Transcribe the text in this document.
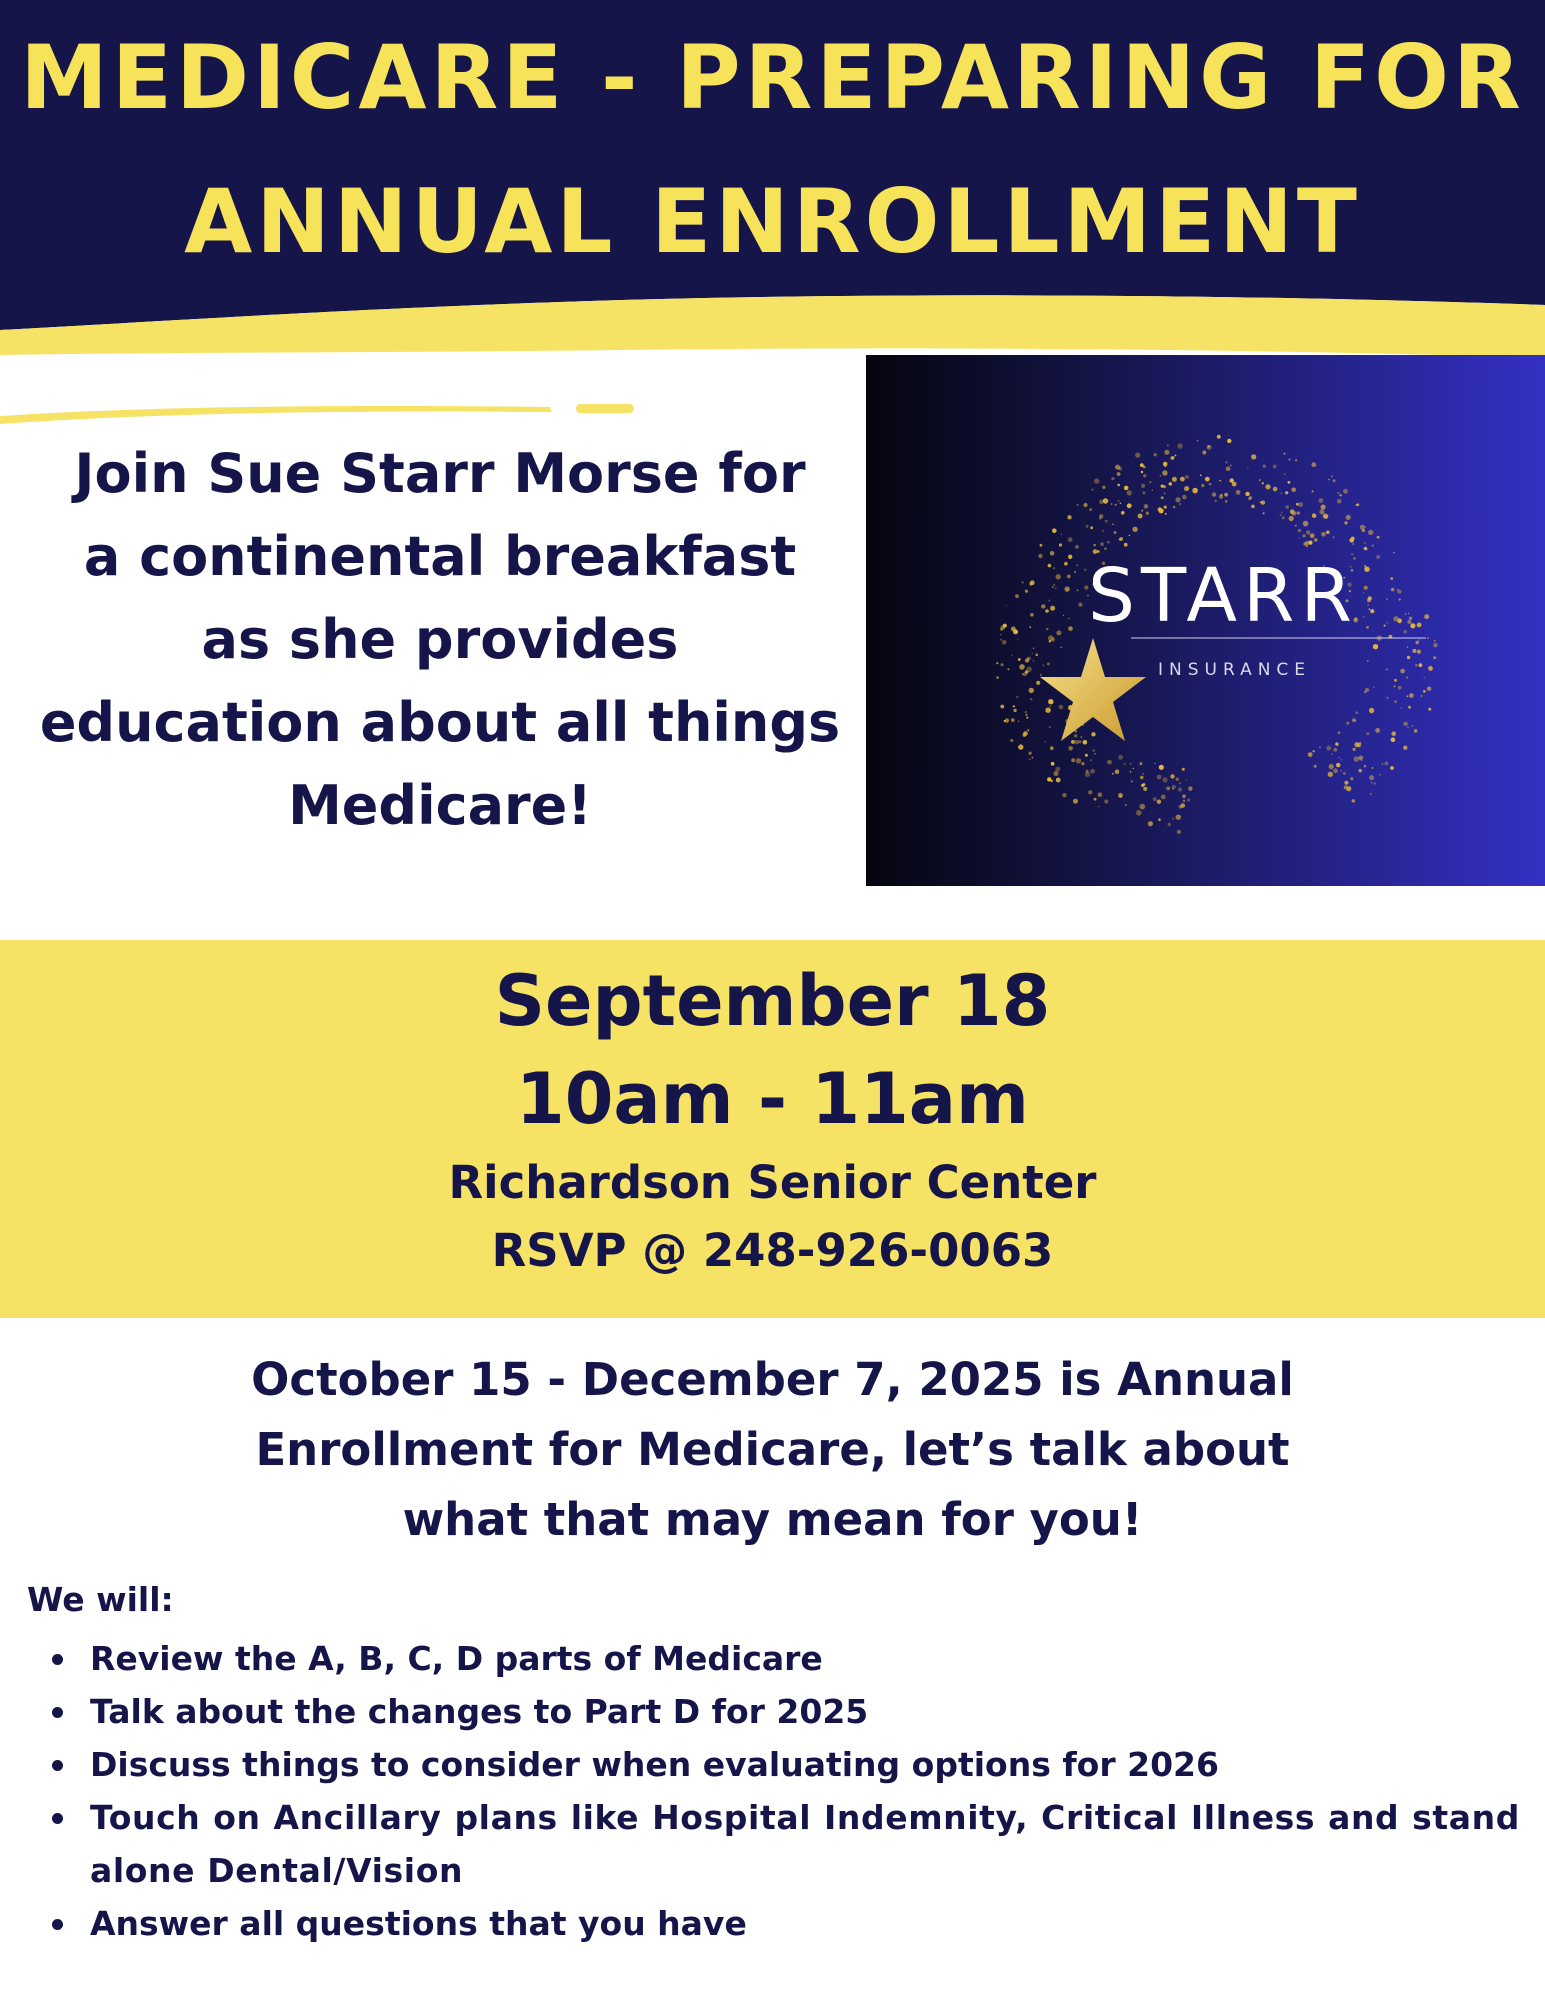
MEDICARE - PREPARING FOR
ANNUAL ENROLLMENT
Join Sue Starr Morse for
a continental breakfast
as she provides
education about all things
Medicare!
STARR
INSURANCE
September 18
10am - 11am
Richardson Senior Center
RSVP @ 248-926-0063
October 15 - December 7, 2025 is Annual
Enrollment for Medicare, let’s talk about
what that may mean for you!
We will:
Review the A, B, C, D parts of Medicare
Talk about the changes to Part D for 2025
Discuss things to consider when evaluating options for 2026
Touch on Ancillary plans like Hospital Indemnity, Critical Illness and stand alone Dental/Vision
Answer all questions that you have
